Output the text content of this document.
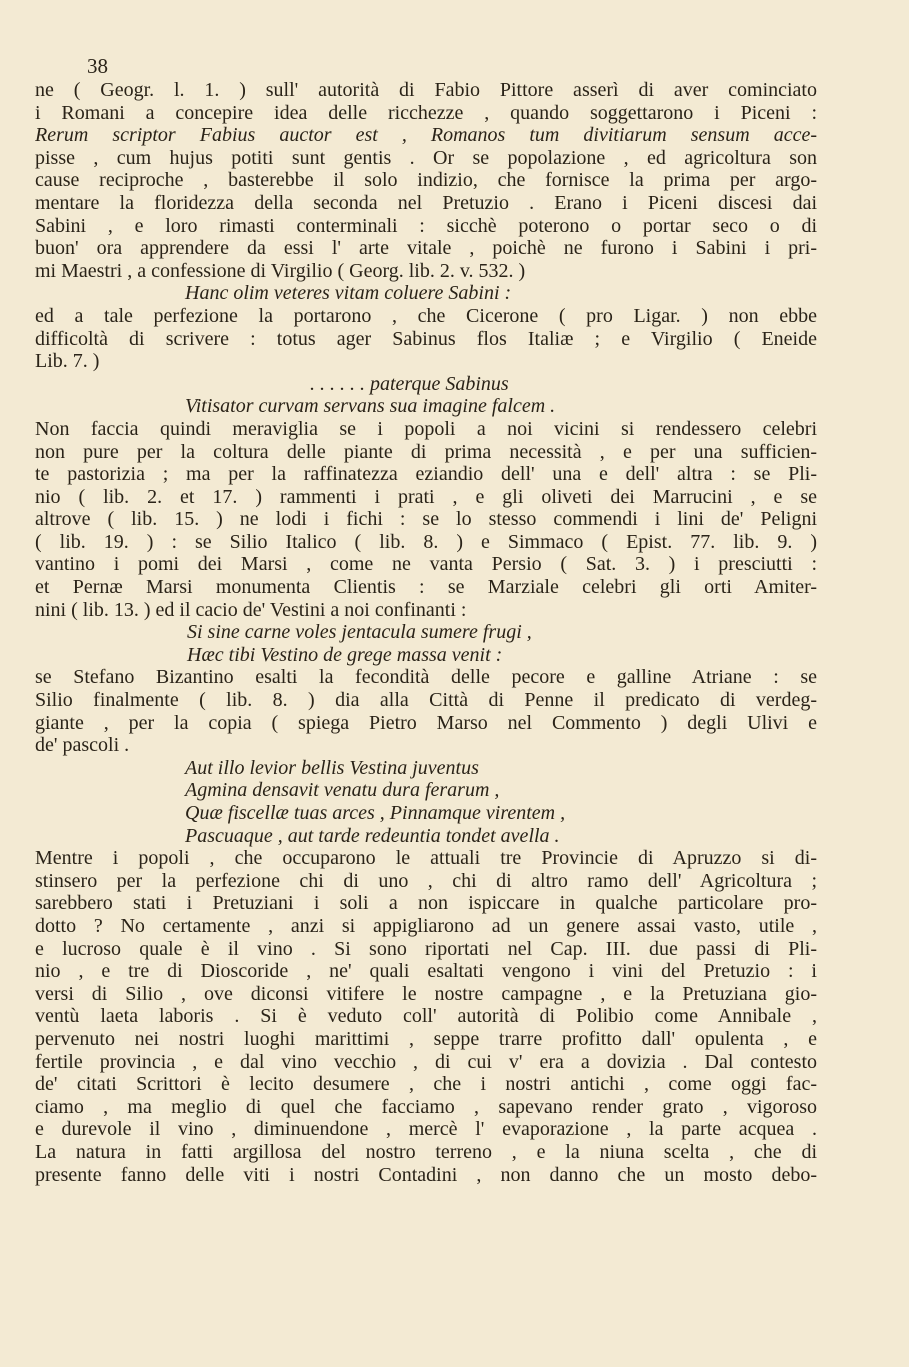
38
ne ( Geogr. l. 1. ) sull' autorità di Fabio Pittore asserì di aver cominciato
i Romani a concepire idea delle ricchezze , quando soggettarono i Piceni :
Rerum scriptor Fabius auctor est , Romanos tum divitiarum sensum acce-
pisse , cum hujus potiti sunt gentis . Or se popolazione , ed agricoltura son
cause reciproche , basterebbe il solo indizio, che fornisce la prima per argo-
mentare la floridezza della seconda nel Pretuzio . Erano i Piceni discesi dai
Sabini , e loro rimasti conterminali : sicchè poterono o portar seco o di
buon' ora apprendere da essi l' arte vitale , poichè ne furono i Sabini i pri-
mi Maestri , a confessione di Virgilio ( Georg. lib. 2. v. 532. )
Hanc olim veteres vitam coluere Sabini :
ed a tale perfezione la portarono , che Cicerone ( pro Ligar. ) non ebbe
difficoltà di scrivere : totus ager Sabinus flos Italiæ ; e Virgilio ( Eneide
Lib. 7. )
. . . . . . paterque Sabinus
Vitisator curvam servans sua imagine falcem .
Non faccia quindi meraviglia se i popoli a noi vicini si rendessero celebri
non pure per la coltura delle piante di prima necessità , e per una sufficien-
te pastorizia ; ma per la raffinatezza eziandio dell' una e dell' altra : se Pli-
nio ( lib. 2. et 17. ) rammenti i prati , e gli oliveti dei Marrucini , e se
altrove ( lib. 15. ) ne lodi i fichi : se lo stesso commendi i lini de' Peligni
( lib. 19. ) : se Silio Italico ( lib. 8. ) e Simmaco ( Epist. 77. lib. 9. )
vantino i pomi dei Marsi , come ne vanta Persio ( Sat. 3. ) i presciutti :
et Pernæ Marsi monumenta Clientis : se Marziale celebri gli orti Amiter-
nini ( lib. 13. ) ed il cacio de' Vestini a noi confinanti :
Si sine carne voles jentacula sumere frugi ,
Hæc tibi Vestino de grege massa venit :
se Stefano Bizantino esalti la fecondità delle pecore e galline Atriane : se
Silio finalmente ( lib. 8. ) dia alla Città di Penne il predicato di verdeg-
giante , per la copia ( spiega Pietro Marso nel Commento ) degli Ulivi e
de' pascoli .
Aut illo levior bellis Vestina juventus
Agmina densavit venatu dura ferarum ,
Quæ fiscellæ tuas arces , Pinnamque virentem ,
Pascuaque , aut tarde redeuntia tondet avella .
Mentre i popoli , che occuparono le attuali tre Provincie di Apruzzo si di-
stinsero per la perfezione chi di uno , chi di altro ramo dell' Agricoltura ;
sarebbero stati i Pretuziani i soli a non ispiccare in qualche particolare pro-
dotto ? No certamente , anzi si appigliarono ad un genere assai vasto, utile ,
e lucroso quale è il vino . Si sono riportati nel Cap. III. due passi di Pli-
nio , e tre di Dioscoride , ne' quali esaltati vengono i vini del Pretuzio : i
versi di Silio , ove diconsi vitifere le nostre campagne , e la Pretuziana gio-
ventù laeta laboris . Si è veduto coll' autorità di Polibio come Annibale ,
pervenuto nei nostri luoghi marittimi , seppe trarre profitto dall' opulenta , e
fertile provincia , e dal vino vecchio , di cui v' era a dovizia . Dal contesto
de' citati Scrittori è lecito desumere , che i nostri antichi , come oggi fac-
ciamo , ma meglio di quel che facciamo , sapevano render grato , vigoroso
e durevole il vino , diminuendone , mercè l' evaporazione , la parte acquea .
La natura in fatti argillosa del nostro terreno , e la niuna scelta , che di
presente fanno delle viti i nostri Contadini , non danno che un mosto debo-
